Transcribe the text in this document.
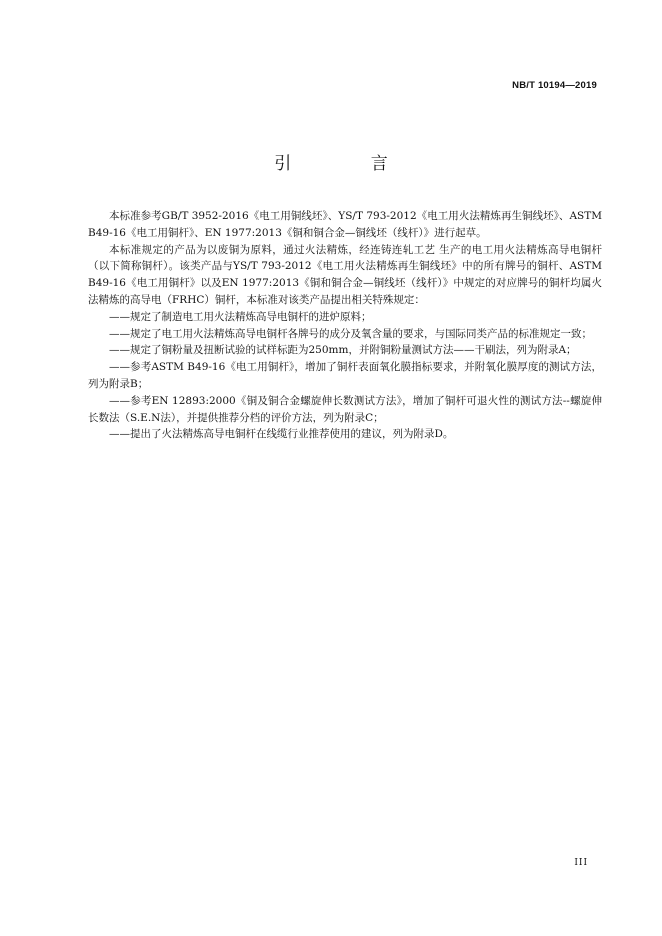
NB/T 10194—2019
引 言

本标准参考GB/T 3952-2016《电工用铜线坯》、YS/T 793-2012《电工用火法精炼再生铜线坯》、ASTM B49-16《电工用铜杆》、EN 1977:2013《铜和铜合金—铜线坯（线杆）》进行起草。

本标准规定的产品为以废铜为原料，通过火法精炼，经连铸连轧工艺 生产的电工用火法精炼高导电铜杆（以下简称铜杆）。该类产品与YS/T 793-2012《电工用火法精炼再生铜线坯》中的所有牌号的铜杆、ASTM B49-16《电工用铜杆》以及EN 1977:2013《铜和铜合金—铜线坯（线杆）》中规定的对应牌号的铜杆均属火法精炼的高导电（FRHC）铜杆，本标准对该类产品提出相关特殊规定：

——规定了制造电工用火法精炼高导电铜杆的进炉原料；

——规定了电工用火法精炼高导电铜杆各牌号的成分及氧含量的要求，与国际同类产品的标准规定一致；

——规定了铜粉量及扭断试验的试样标距为250mm，并附铜粉量测试方法——干刷法，列为附录A；

——参考ASTM B49-16《电工用铜杆》，增加了铜杆表面氧化膜指标要求，并附氧化膜厚度的测试方法，列为附录B；

——参考EN 12893:2000《铜及铜合金螺旋伸长数测试方法》，增加了铜杆可退火性的测试方法--螺旋伸长数法（S.E.N法），并提供推荐分档的评价方法，列为附录C；

——提出了火法精炼高导电铜杆在线缆行业推荐使用的建议，列为附录D。

III
